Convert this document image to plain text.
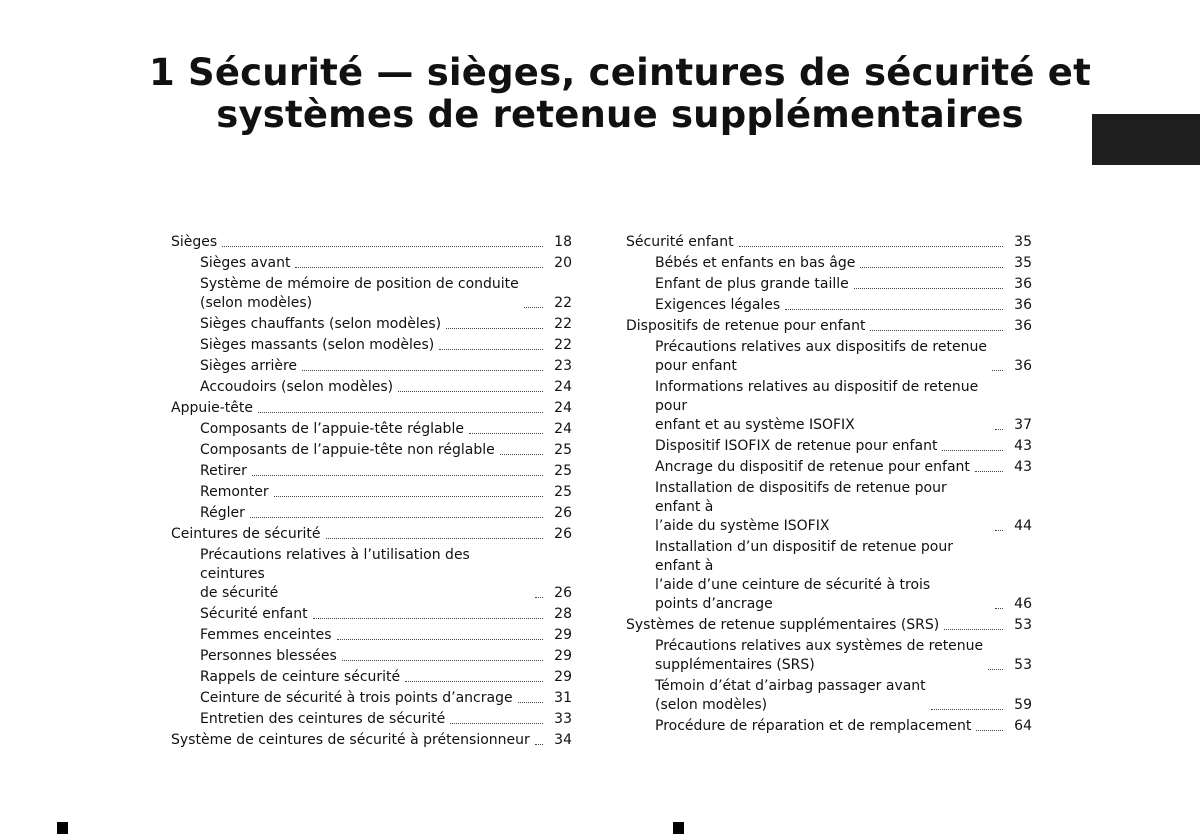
1 Sécurité — sièges, ceintures de sécurité et
systèmes de retenue supplémentaires
Sièges	18
Sièges avant	20
Système de mémoire de position de conduite
(selon modèles)	22
Sièges chauffants (selon modèles)	22
Sièges massants (selon modèles)	22
Sièges arrière	23
Accoudoirs (selon modèles)	24
Appuie-tête	24
Composants de l’appuie-tête réglable	24
Composants de l’appuie-tête non réglable	25
Retirer	25
Remonter	25
Régler	26
Ceintures de sécurité	26
Précautions relatives à l’utilisation des ceintures
de sécurité	26
Sécurité enfant	28
Femmes enceintes	29
Personnes blessées	29
Rappels de ceinture sécurité	29
Ceinture de sécurité à trois points d’ancrage	31
Entretien des ceintures de sécurité	33
Système de ceintures de sécurité à prétensionneur	34
Sécurité enfant	35
Bébés et enfants en bas âge	35
Enfant de plus grande taille	36
Exigences légales	36
Dispositifs de retenue pour enfant	36
Précautions relatives aux dispositifs de retenue
pour enfant	36
Informations relatives au dispositif de retenue pour
enfant et au système ISOFIX	37
Dispositif ISOFIX de retenue pour enfant	43
Ancrage du dispositif de retenue pour enfant	43
Installation de dispositifs de retenue pour enfant à
l’aide du système ISOFIX	44
Installation d’un dispositif de retenue pour enfant à
l’aide d’une ceinture de sécurité à trois
points d’ancrage	46
Systèmes de retenue supplémentaires (SRS)	53
Précautions relatives aux systèmes de retenue
supplémentaires (SRS)	53
Témoin d’état d’airbag passager avant
(selon modèles)	59
Procédure de réparation et de remplacement	64
